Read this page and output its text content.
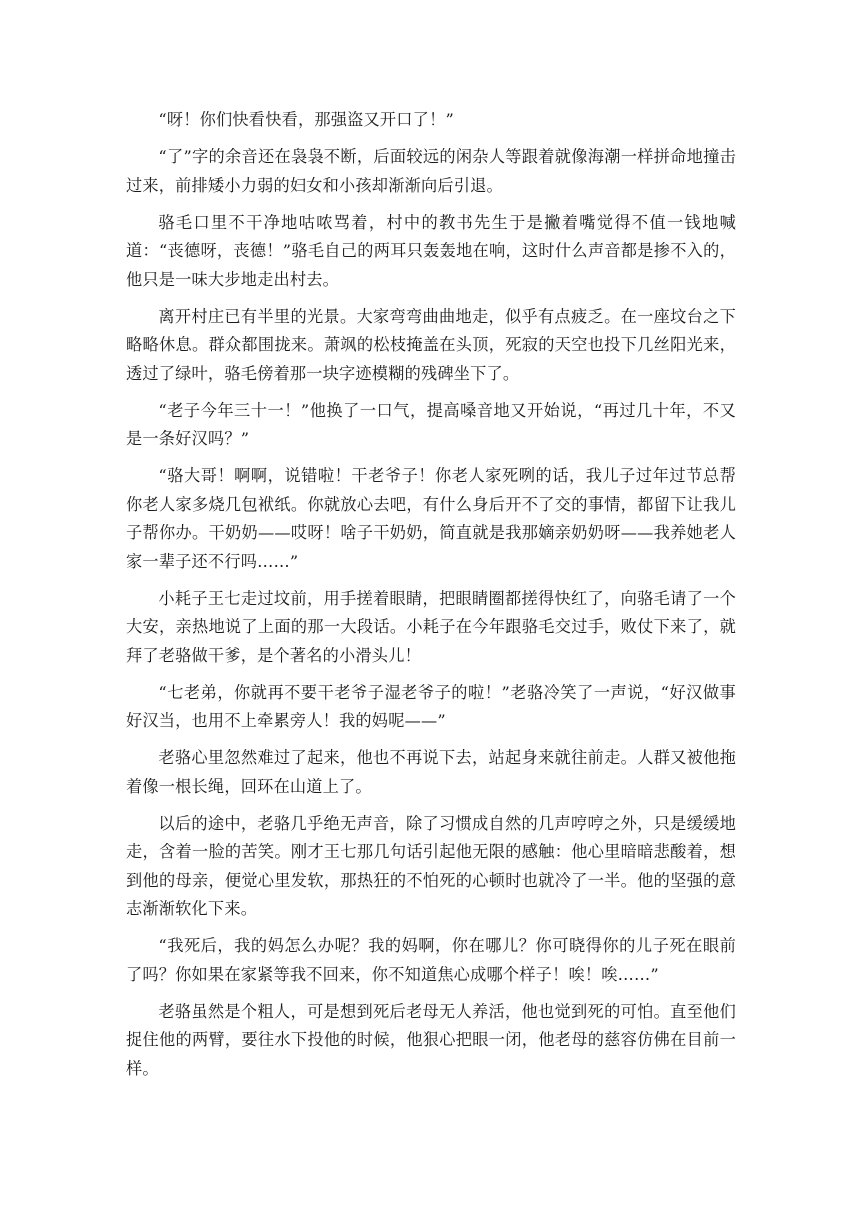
“呀！你们快看快看，那强盗又开口了！”

“了”字的余音还在袅袅不断，后面较远的闲杂人等跟着就像海潮一样拼命地撞击过来，前排矮小力弱的妇女和小孩却渐渐向后引退。

骆毛口里不干净地咕哝骂着，村中的教书先生于是撇着嘴觉得不值一钱地喊道：“丧德呀，丧德！”骆毛自己的两耳只轰轰地在响，这时什么声音都是掺不入的，他只是一味大步地走出村去。

离开村庄已有半里的光景。大家弯弯曲曲地走，似乎有点疲乏。在一座坟台之下略略休息。群众都围拢来。萧飒的松枝掩盖在头顶，死寂的天空也投下几丝阳光来，透过了绿叶，骆毛傍着那一块字迹模糊的残碑坐下了。

“老子今年三十一！”他换了一口气，提高嗓音地又开始说，“再过几十年，不又是一条好汉吗？”

“骆大哥！啊啊，说错啦！干老爷子！你老人家死咧的话，我儿子过年过节总帮你老人家多烧几包袱纸。你就放心去吧，有什么身后开不了交的事情，都留下让我儿子帮你办。干奶奶——哎呀！啥子干奶奶，简直就是我那嫡亲奶奶呀——我养她老人家一辈子还不行吗……”

小耗子王七走过坟前，用手搓着眼睛，把眼睛圈都搓得快红了，向骆毛请了一个大安，亲热地说了上面的那一大段话。小耗子在今年跟骆毛交过手，败仗下来了，就拜了老骆做干爹，是个著名的小滑头儿！

“七老弟，你就再不要干老爷子湿老爷子的啦！”老骆冷笑了一声说，“好汉做事好汉当，也用不上牵累旁人！我的妈呢——”

老骆心里忽然难过了起来，他也不再说下去，站起身来就往前走。人群又被他拖着像一根长绳，回环在山道上了。

以后的途中，老骆几乎绝无声音，除了习惯成自然的几声哼哼之外，只是缓缓地走，含着一脸的苦笑。刚才王七那几句话引起他无限的感触：他心里暗暗悲酸着，想到他的母亲，便觉心里发软，那热狂的不怕死的心顿时也就冷了一半。他的坚强的意志渐渐软化下来。

“我死后，我的妈怎么办呢？我的妈啊，你在哪儿？你可晓得你的儿子死在眼前了吗？你如果在家紧等我不回来，你不知道焦心成哪个样子！唉！唉……”

老骆虽然是个粗人，可是想到死后老母无人养活，他也觉到死的可怕。直至他们捉住他的两臂，要往水下投他的时候，他狠心把眼一闭，他老母的慈容仿佛在目前一样。
